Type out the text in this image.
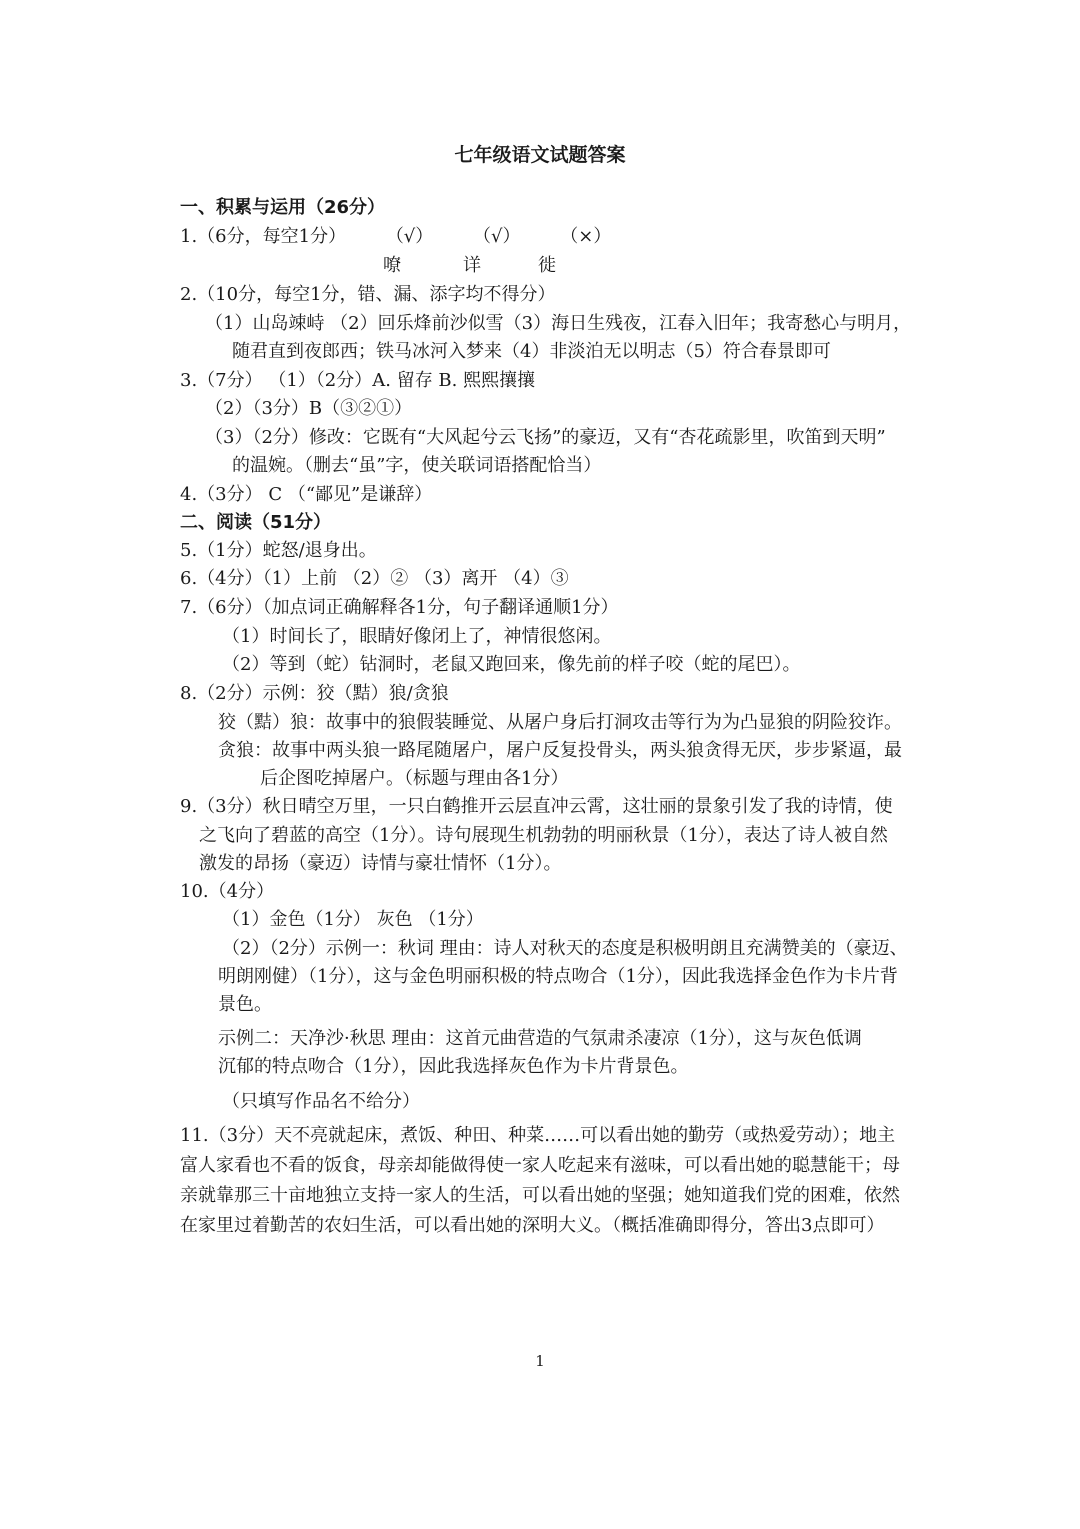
七年级语文试题答案
一、积累与运用（26分）
1.（6分，每空1分） （√） （√） （×）
嘹	详	徙
2.（10分，每空1分，错、漏、添字均不得分）
（1）山岛竦峙 （2）回乐烽前沙似雪（3）海日生残夜，江春入旧年；我寄愁心与明月，
随君直到夜郎西；铁马冰河入梦来（4）非淡泊无以明志（5）符合春景即可
3.（7分） （1）（2分）A. 留存 B. 熙熙攘攘
（2）（3分）B（③②①）
（3）（2分）修改：它既有“大风起兮云飞扬”的豪迈，又有“杏花疏影里，吹笛到天明”
的温婉。（删去“虽”字，使关联词语搭配恰当）
4.（3分） C （“鄙见”是谦辞）
二、阅读（51分）
5.（1分）蛇怒/退身出。
6.（4分）（1）上前 （2）② （3）离开 （4）③
7.（6分）（加点词正确解释各1分，句子翻译通顺1分）
（1）时间长了，眼睛好像闭上了，神情很悠闲。
（2）等到（蛇）钻洞时，老鼠又跑回来，像先前的样子咬（蛇的尾巴）。
8.（2分）示例：狡（黠）狼/贪狼
狡（黠）狼：故事中的狼假装睡觉、从屠户身后打洞攻击等行为为凸显狼的阴险狡诈。
贪狼：故事中两头狼一路尾随屠户，屠户反复投骨头，两头狼贪得无厌，步步紧逼，最
后企图吃掉屠户。（标题与理由各1分）
9.（3分）秋日晴空万里，一只白鹤推开云层直冲云霄，这壮丽的景象引发了我的诗情，使
之飞向了碧蓝的高空（1分）。诗句展现生机勃勃的明丽秋景（1分），表达了诗人被自然
激发的昂扬（豪迈）诗情与豪壮情怀（1分）。
10.（4分）
（1）金色（1分） 灰色 （1分）
（2）（2分）示例一：秋词 理由：诗人对秋天的态度是积极明朗且充满赞美的（豪迈、
明朗刚健）（1分），这与金色明丽积极的特点吻合（1分），因此我选择金色作为卡片背
景色。
示例二：天净沙·秋思 理由：这首元曲营造的气氛肃杀凄凉（1分），这与灰色低调
沉郁的特点吻合（1分），因此我选择灰色作为卡片背景色。
（只填写作品名不给分）
11.（3分）天不亮就起床，煮饭、种田、种菜……可以看出她的勤劳（或热爱劳动）；地主
富人家看也不看的饭食，母亲却能做得使一家人吃起来有滋味，可以看出她的聪慧能干；母
亲就靠那三十亩地独立支持一家人的生活，可以看出她的坚强；她知道我们党的困难，依然
在家里过着勤苦的农妇生活，可以看出她的深明大义。（概括准确即得分，答出3点即可）
1
